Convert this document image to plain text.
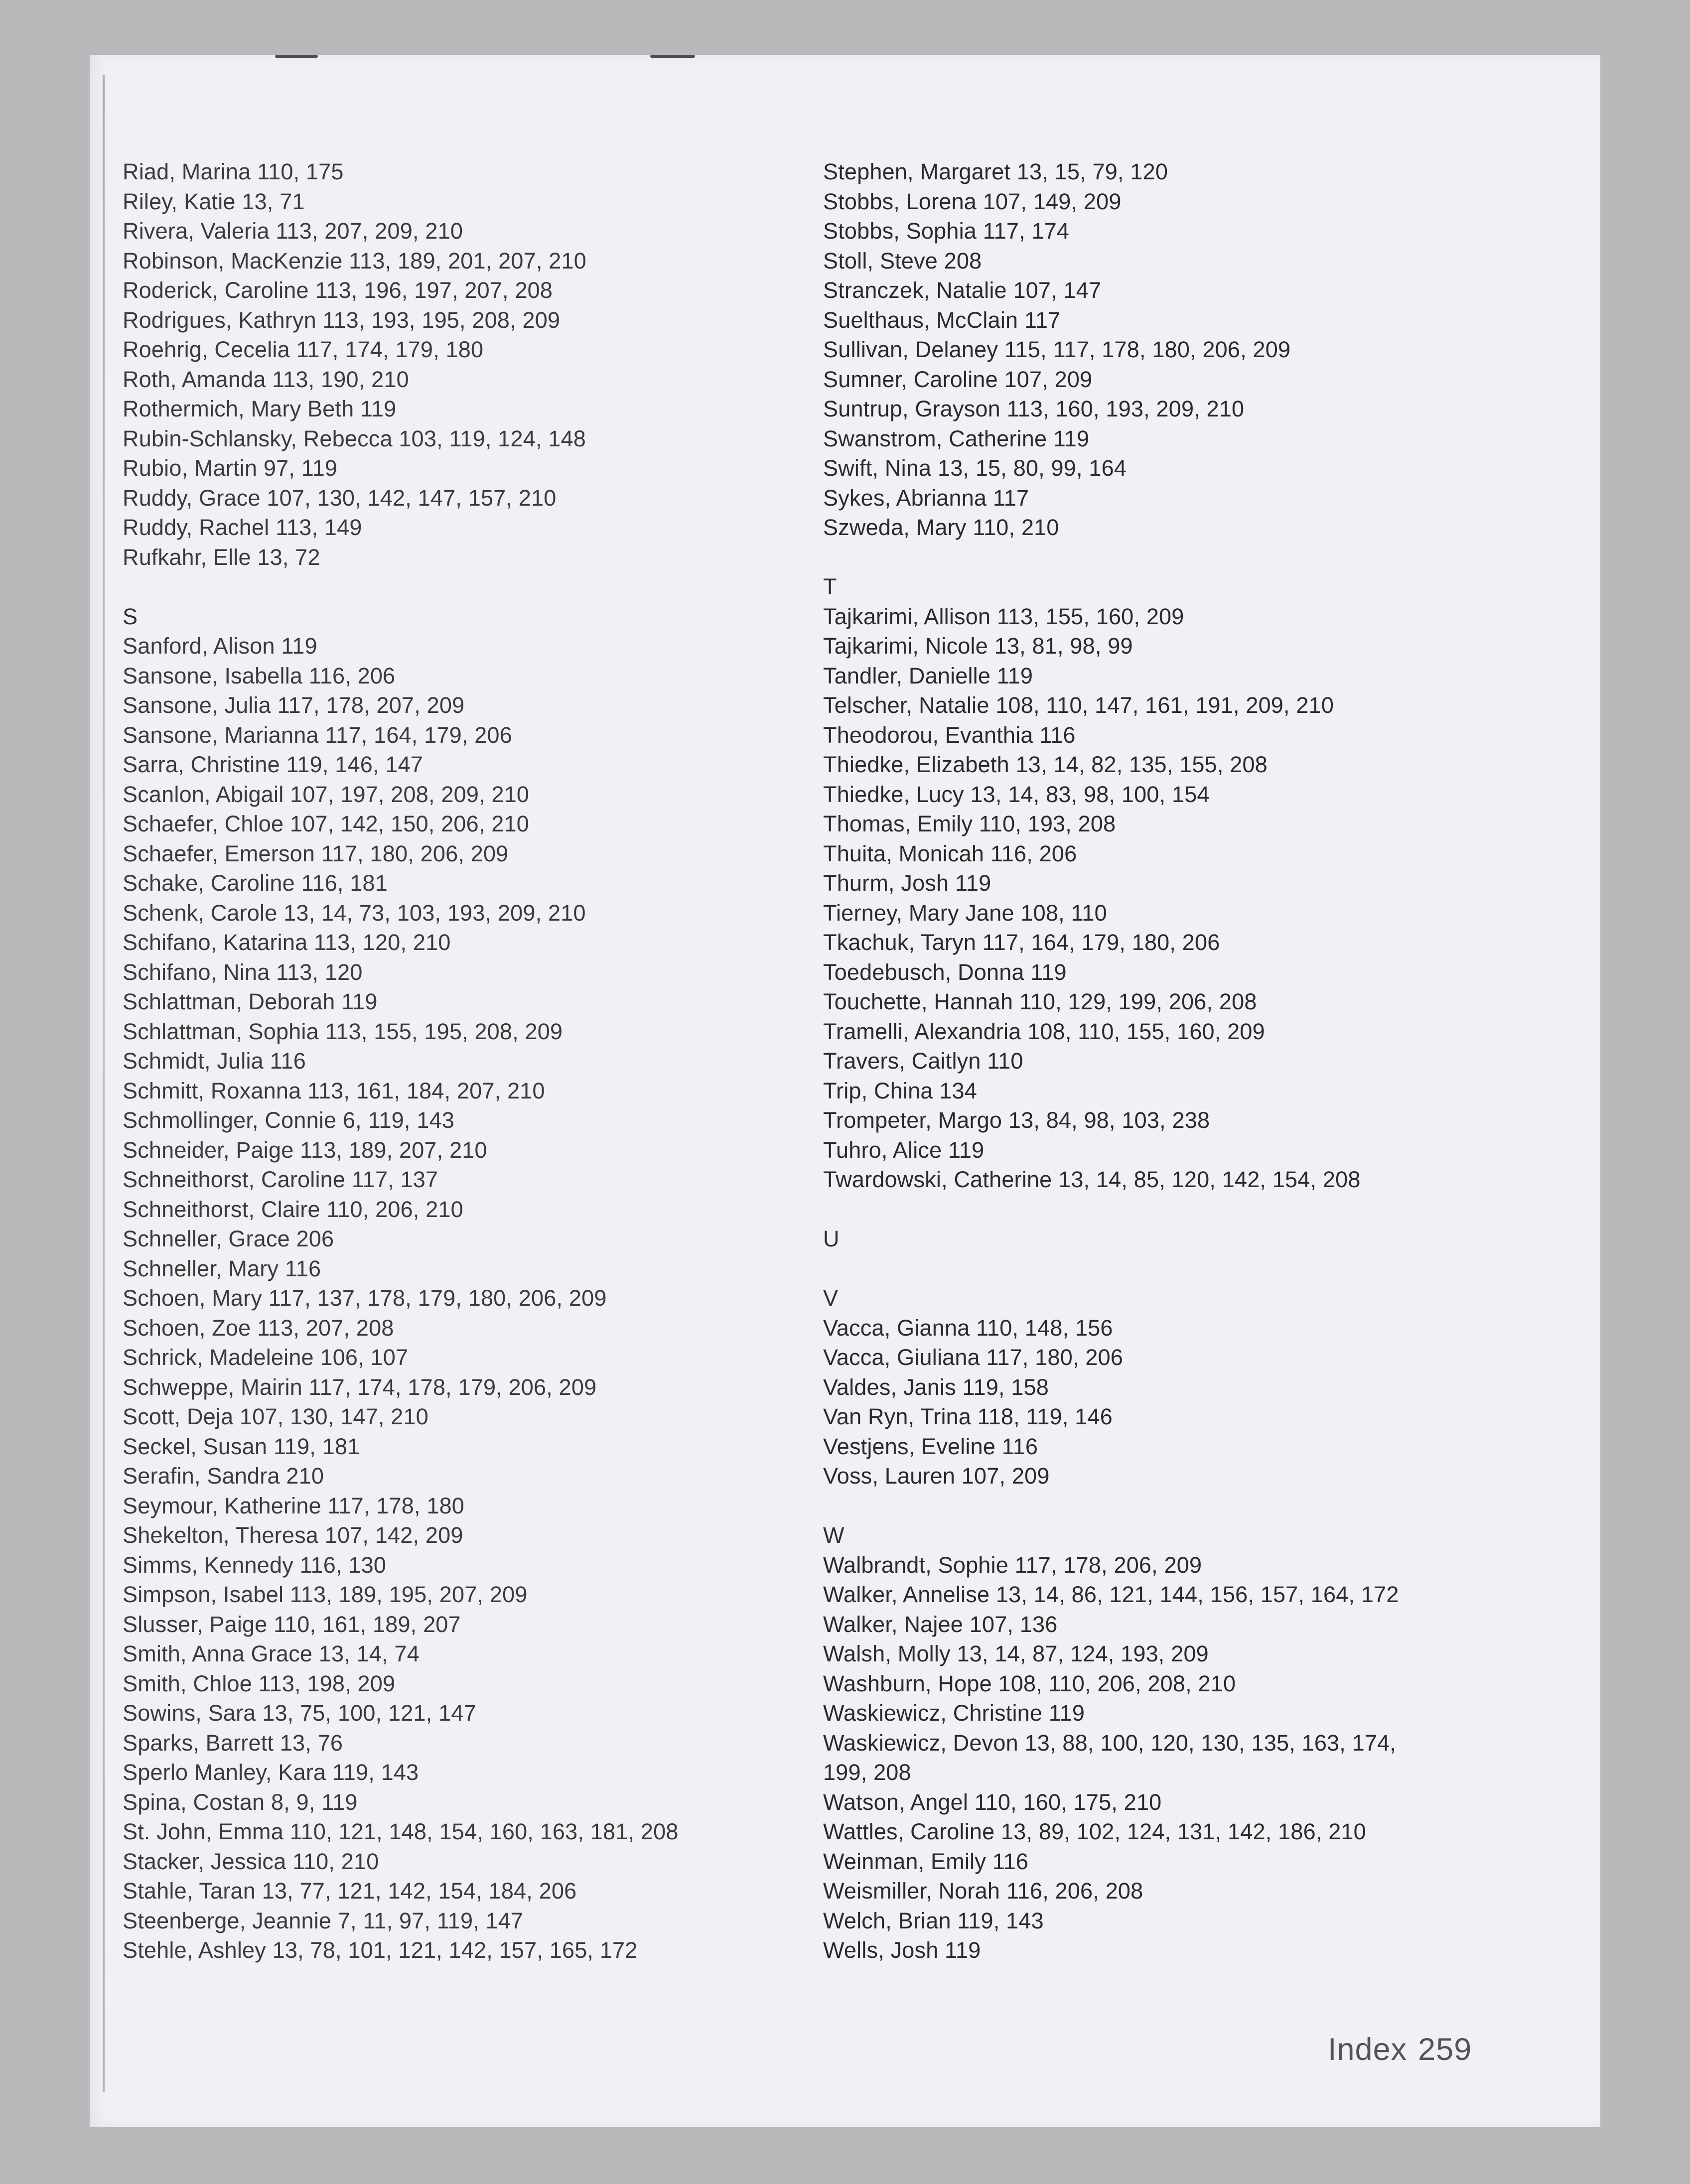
Riad, Marina 110, 175
Riley, Katie 13, 71
Rivera, Valeria 113, 207, 209, 210
Robinson, MacKenzie 113, 189, 201, 207, 210
Roderick, Caroline 113, 196, 197, 207, 208
Rodrigues, Kathryn 113, 193, 195, 208, 209
Roehrig, Cecelia 117, 174, 179, 180
Roth, Amanda 113, 190, 210
Rothermich, Mary Beth 119
Rubin-Schlansky, Rebecca 103, 119, 124, 148
Rubio, Martin 97, 119
Ruddy, Grace 107, 130, 142, 147, 157, 210
Ruddy, Rachel 113, 149
Rufkahr, Elle 13, 72
S
Sanford, Alison 119
Sansone, Isabella 116, 206
Sansone, Julia 117, 178, 207, 209
Sansone, Marianna 117, 164, 179, 206
Sarra, Christine 119, 146, 147
Scanlon, Abigail 107, 197, 208, 209, 210
Schaefer, Chloe 107, 142, 150, 206, 210
Schaefer, Emerson 117, 180, 206, 209
Schake, Caroline 116, 181
Schenk, Carole 13, 14, 73, 103, 193, 209, 210
Schifano, Katarina 113, 120, 210
Schifano, Nina 113, 120
Schlattman, Deborah 119
Schlattman, Sophia 113, 155, 195, 208, 209
Schmidt, Julia 116
Schmitt, Roxanna 113, 161, 184, 207, 210
Schmollinger, Connie 6, 119, 143
Schneider, Paige 113, 189, 207, 210
Schneithorst, Caroline 117, 137
Schneithorst, Claire 110, 206, 210
Schneller, Grace 206
Schneller, Mary 116
Schoen, Mary 117, 137, 178, 179, 180, 206, 209
Schoen, Zoe 113, 207, 208
Schrick, Madeleine 106, 107
Schweppe, Mairin 117, 174, 178, 179, 206, 209
Scott, Deja 107, 130, 147, 210
Seckel, Susan 119, 181
Serafin, Sandra 210
Seymour, Katherine 117, 178, 180
Shekelton, Theresa 107, 142, 209
Simms, Kennedy 116, 130
Simpson, Isabel 113, 189, 195, 207, 209
Slusser, Paige 110, 161, 189, 207
Smith, Anna Grace 13, 14, 74
Smith, Chloe 113, 198, 209
Sowins, Sara 13, 75, 100, 121, 147
Sparks, Barrett 13, 76
Sperlo Manley, Kara 119, 143
Spina, Costan 8, 9, 119
St. John, Emma 110, 121, 148, 154, 160, 163, 181, 208
Stacker, Jessica 110, 210
Stahle, Taran 13, 77, 121, 142, 154, 184, 206
Steenberge, Jeannie 7, 11, 97, 119, 147
Stehle, Ashley 13, 78, 101, 121, 142, 157, 165, 172
Stephen, Margaret 13, 15, 79, 120
Stobbs, Lorena 107, 149, 209
Stobbs, Sophia 117, 174
Stoll, Steve 208
Stranczek, Natalie 107, 147
Suelthaus, McClain 117
Sullivan, Delaney 115, 117, 178, 180, 206, 209
Sumner, Caroline 107, 209
Suntrup, Grayson 113, 160, 193, 209, 210
Swanstrom, Catherine 119
Swift, Nina 13, 15, 80, 99, 164
Sykes, Abrianna 117
Szweda, Mary 110, 210
T
Tajkarimi, Allison 113, 155, 160, 209
Tajkarimi, Nicole 13, 81, 98, 99
Tandler, Danielle 119
Telscher, Natalie 108, 110, 147, 161, 191, 209, 210
Theodorou, Evanthia 116
Thiedke, Elizabeth 13, 14, 82, 135, 155, 208
Thiedke, Lucy 13, 14, 83, 98, 100, 154
Thomas, Emily 110, 193, 208
Thuita, Monicah 116, 206
Thurm, Josh 119
Tierney, Mary Jane 108, 110
Tkachuk, Taryn 117, 164, 179, 180, 206
Toedebusch, Donna 119
Touchette, Hannah 110, 129, 199, 206, 208
Tramelli, Alexandria 108, 110, 155, 160, 209
Travers, Caitlyn 110
Trip, China 134
Trompeter, Margo 13, 84, 98, 103, 238
Tuhro, Alice 119
Twardowski, Catherine 13, 14, 85, 120, 142, 154, 208
U
V
Vacca, Gianna 110, 148, 156
Vacca, Giuliana 117, 180, 206
Valdes, Janis 119, 158
Van Ryn, Trina 118, 119, 146
Vestjens, Eveline 116
Voss, Lauren 107, 209
W
Walbrandt, Sophie 117, 178, 206, 209
Walker, Annelise 13, 14, 86, 121, 144, 156, 157, 164, 172
Walker, Najee 107, 136
Walsh, Molly 13, 14, 87, 124, 193, 209
Washburn, Hope 108, 110, 206, 208, 210
Waskiewicz, Christine 119
Waskiewicz, Devon 13, 88, 100, 120, 130, 135, 163, 174,
199, 208
Watson, Angel 110, 160, 175, 210
Wattles, Caroline 13, 89, 102, 124, 131, 142, 186, 210
Weinman, Emily 116
Weismiller, Norah 116, 206, 208
Welch, Brian 119, 143
Wells, Josh 119
Index 259
